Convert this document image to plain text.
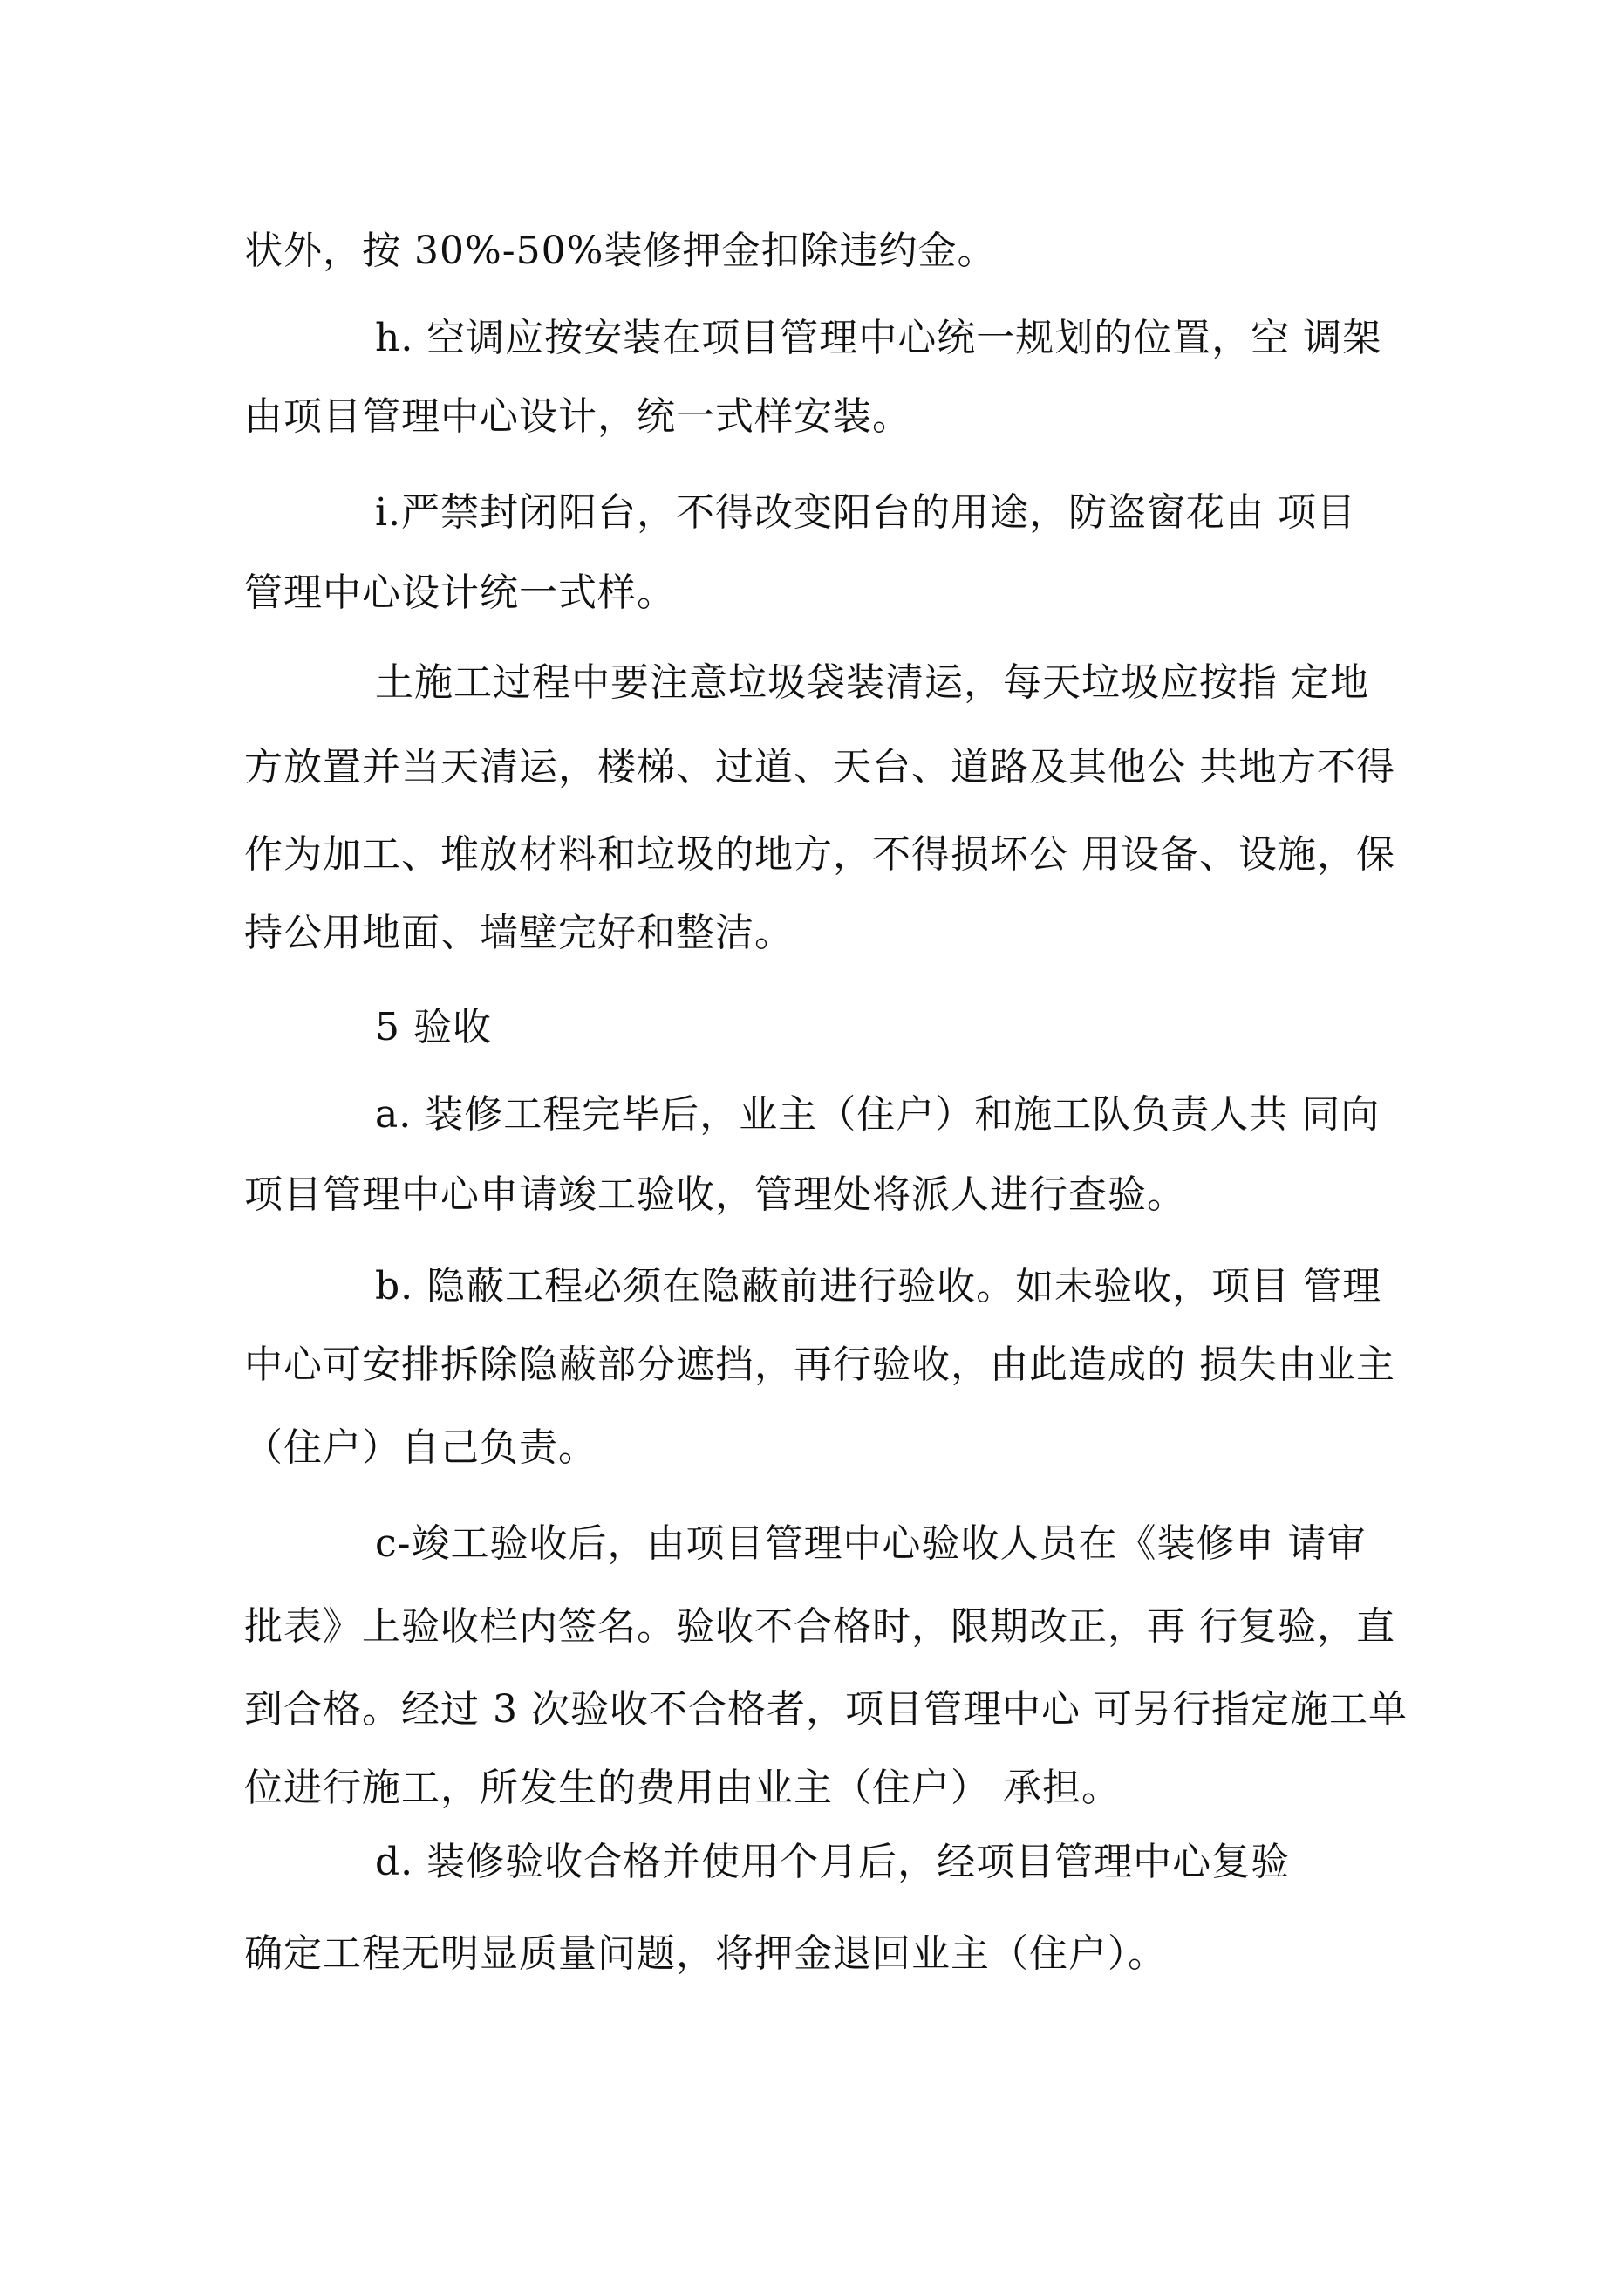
状外，按 30%-50%装修押金扣除违约金。
h. 空调应按安装在项目管理中心统一规划的位置，空 调架
由项目管理中心设计，统一式样安装。
i.严禁封闭阳台，不得改变阳台的用途，防盗窗花由 项目
管理中心设计统一式样。
土施工过程中要注意垃圾袋装清运，每天垃圾应按指 定地
方放置并当天清运，楼梯、过道、天台、道路及其他公 共地方不得
作为加工、堆放材料和垃圾的地方，不得损坏公 用设备、设施，保
持公用地面、墙壁完好和整洁。
5 验收
a. 装修工程完毕后，业主（住户）和施工队负责人共 同向
项目管理中心申请竣工验收，管理处将派人进行查验。
b. 隐蔽工程必须在隐蔽前进行验收。如未验收，项目 管理
中心可安排拆除隐蔽部分遮挡，再行验收，由此造成的 损失由业主
（住户）自己负责。
c-竣工验收后，由项目管理中心验收人员在《装修申 请审
批表》上验收栏内签名。验收不合格时，限期改正，再 行复验，直
到合格。经过 3 次验收不合格者，项目管理中心 可另行指定施工单
位进行施工，所发生的费用由业主（住户） 承担。
d. 装修验收合格并使用个月后，经项目管理中心复验
确定工程无明显质量问题，将押金退回业主（住户）。
